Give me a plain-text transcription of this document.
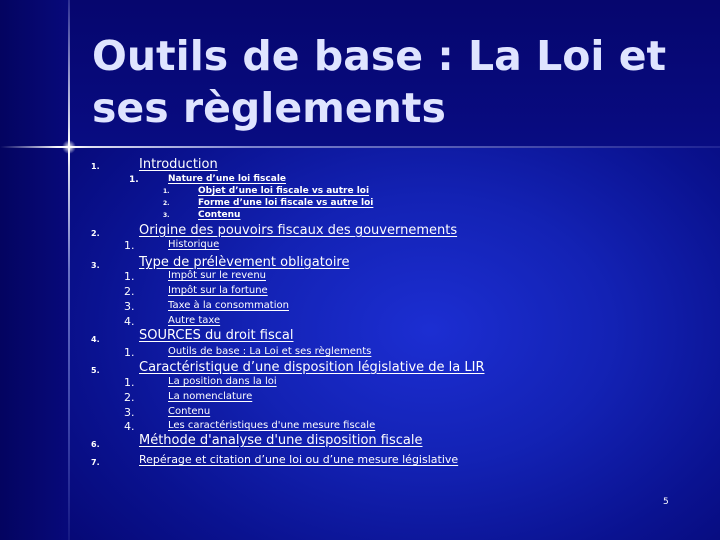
Outils de base : La Loi et
ses règlements
1.	Introduction
1.	Nature d’une loi fiscale
1.	Objet d’une loi fiscale vs autre loi
2.	Forme d’une loi fiscale vs autre loi
3.	Contenu
2.	Origine des pouvoirs fiscaux des gouvernements
1.	Historique
3.	Type de prélèvement obligatoire
1.	Impôt sur le revenu
2.	Impôt sur la fortune
3.	Taxe à la consommation
4.	Autre taxe
4.	SOURCES du droit fiscal
1.	Outils de base : La Loi et ses règlements
5.	Caractéristique d’une disposition législative de la LIR
1.	La position dans la loi
2.	La nomenclature
3.	Contenu
4.	Les caractéristiques d'une mesure fiscale
6.	Méthode d'analyse d'une disposition fiscale
7.	Repérage et citation d’une loi ou d’une mesure législative
5
